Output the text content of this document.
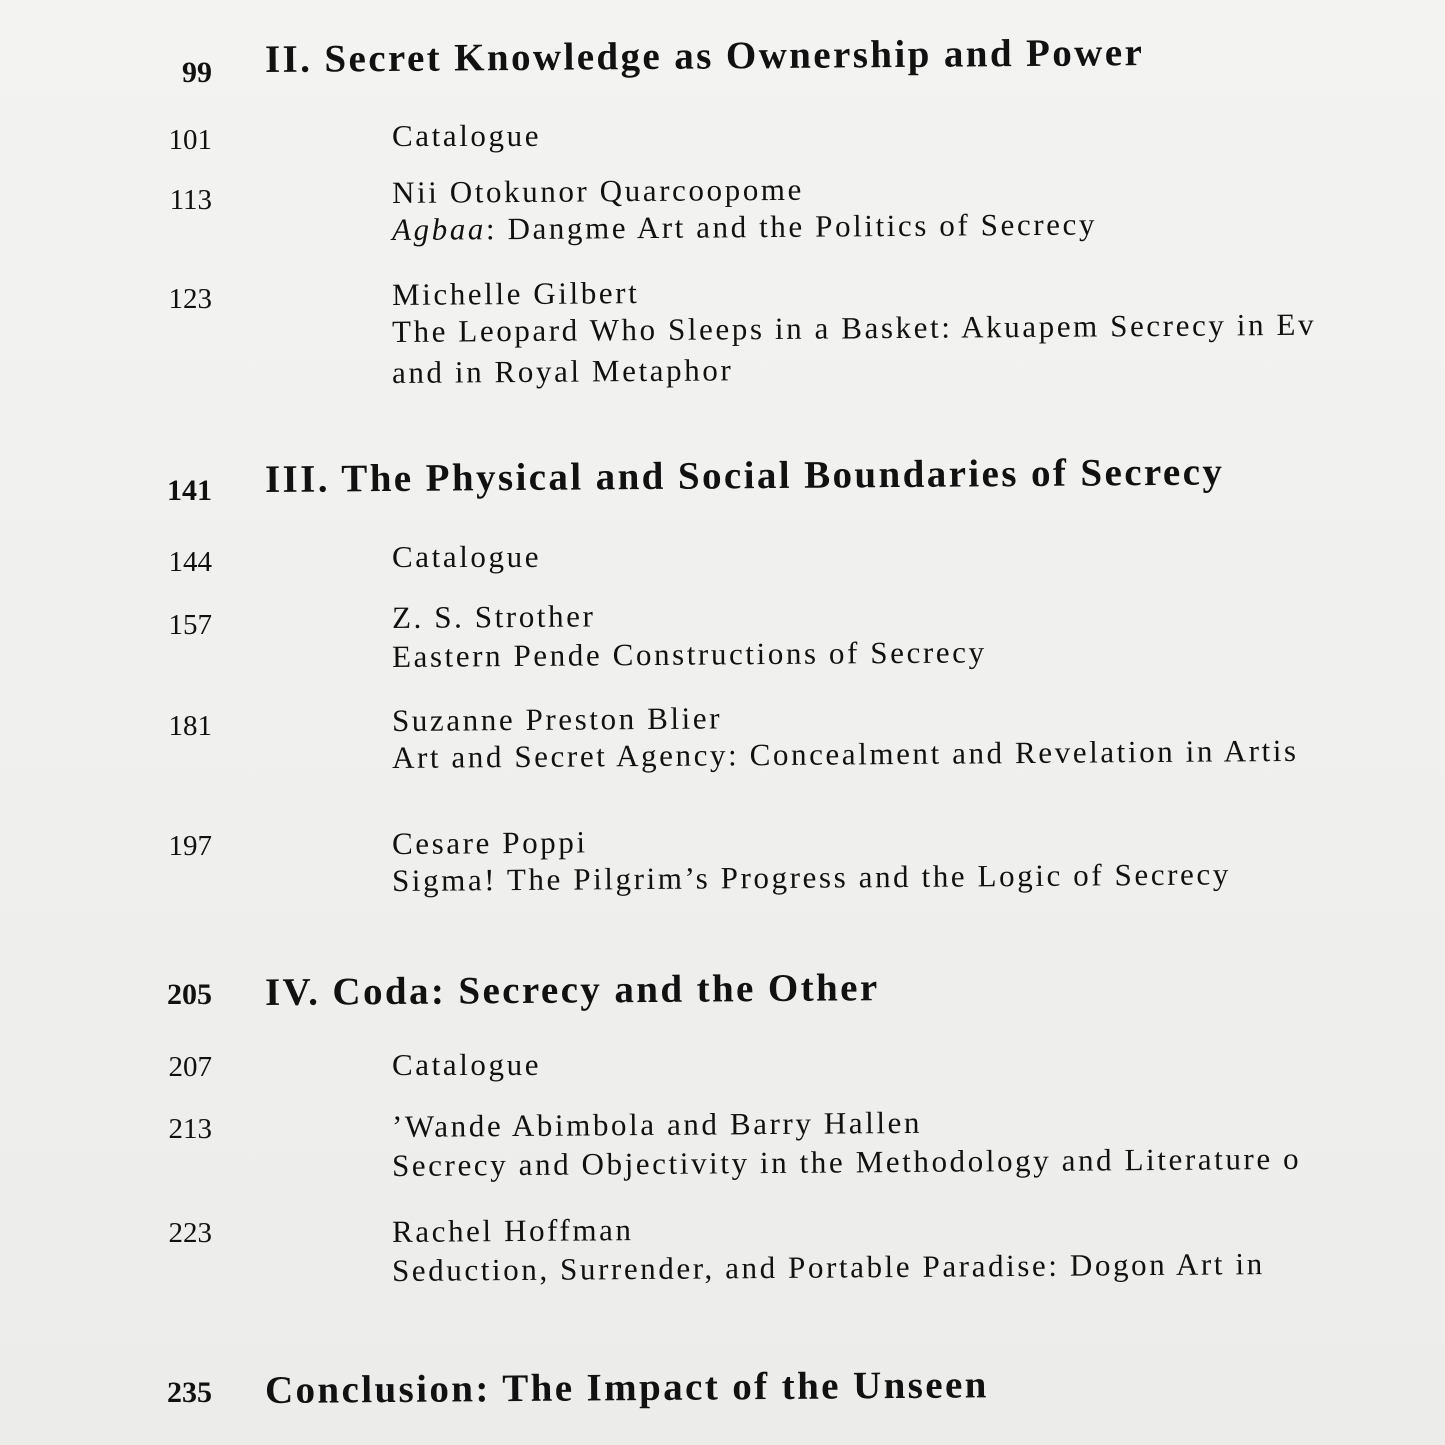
99 II. Secret Knowledge as Ownership and Power
101	Catalogue
113	Nii Otokunor Quarcoopome
Agbaa: Dangme Art and the Politics of Secrecy
123	Michelle Gilbert
The Leopard Who Sleeps in a Basket: Akuapem Secrecy in Ev
and in Royal Metaphor
141 III. The Physical and Social Boundaries of Secrecy
144	Catalogue
157	Z. S. Strother
Eastern Pende Constructions of Secrecy
181	Suzanne Preston Blier
Art and Secret Agency: Concealment and Revelation in Artis
197	Cesare Poppi
Sigma! The Pilgrim’s Progress and the Logic of Secrecy
205 IV. Coda: Secrecy and the Other
207	Catalogue
213	’Wande Abimbola and Barry Hallen
Secrecy and Objectivity in the Methodology and Literature o
223	Rachel Hoffman
Seduction, Surrender, and Portable Paradise: Dogon Art in
235 Conclusion: The Impact of the Unseen
